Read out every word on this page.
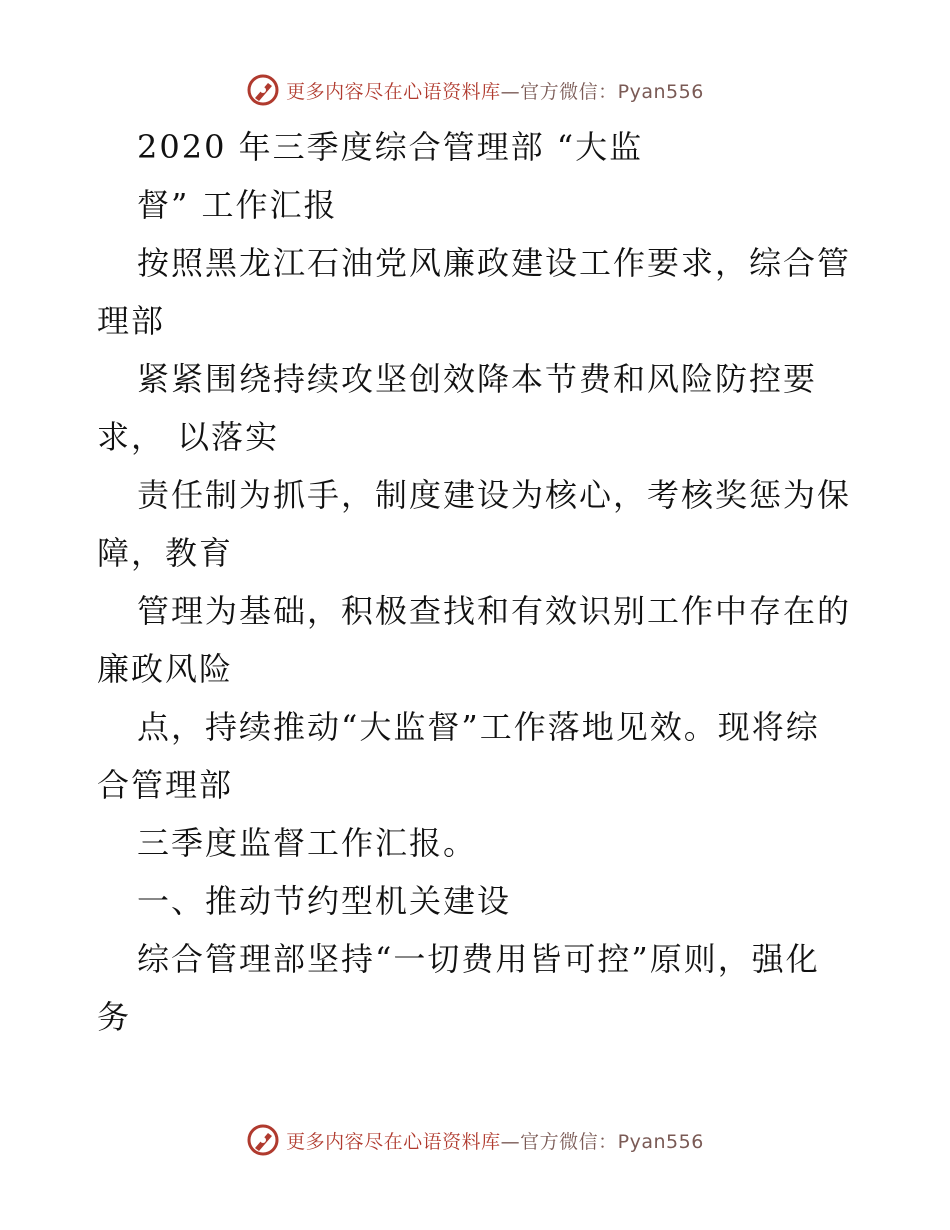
更多内容尽在心语资料库—官方微信：Pyan556
2020 年三季度综合管理部 “大监
督” 工作汇报
按照黑龙江石油党风廉政建设工作要求，综合管
理部
紧紧围绕持续攻坚创效降本节费和风险防控要
求， 以落实
责任制为抓手，制度建设为核心，考核奖惩为保
障，教育
管理为基础，积极查找和有效识别工作中存在的
廉政风险
点，持续推动“大监督”工作落地见效。现将综
合管理部
三季度监督工作汇报。
一、推动节约型机关建设
综合管理部坚持“一切费用皆可控”原则，强化
务
更多内容尽在心语资料库—官方微信：Pyan556
